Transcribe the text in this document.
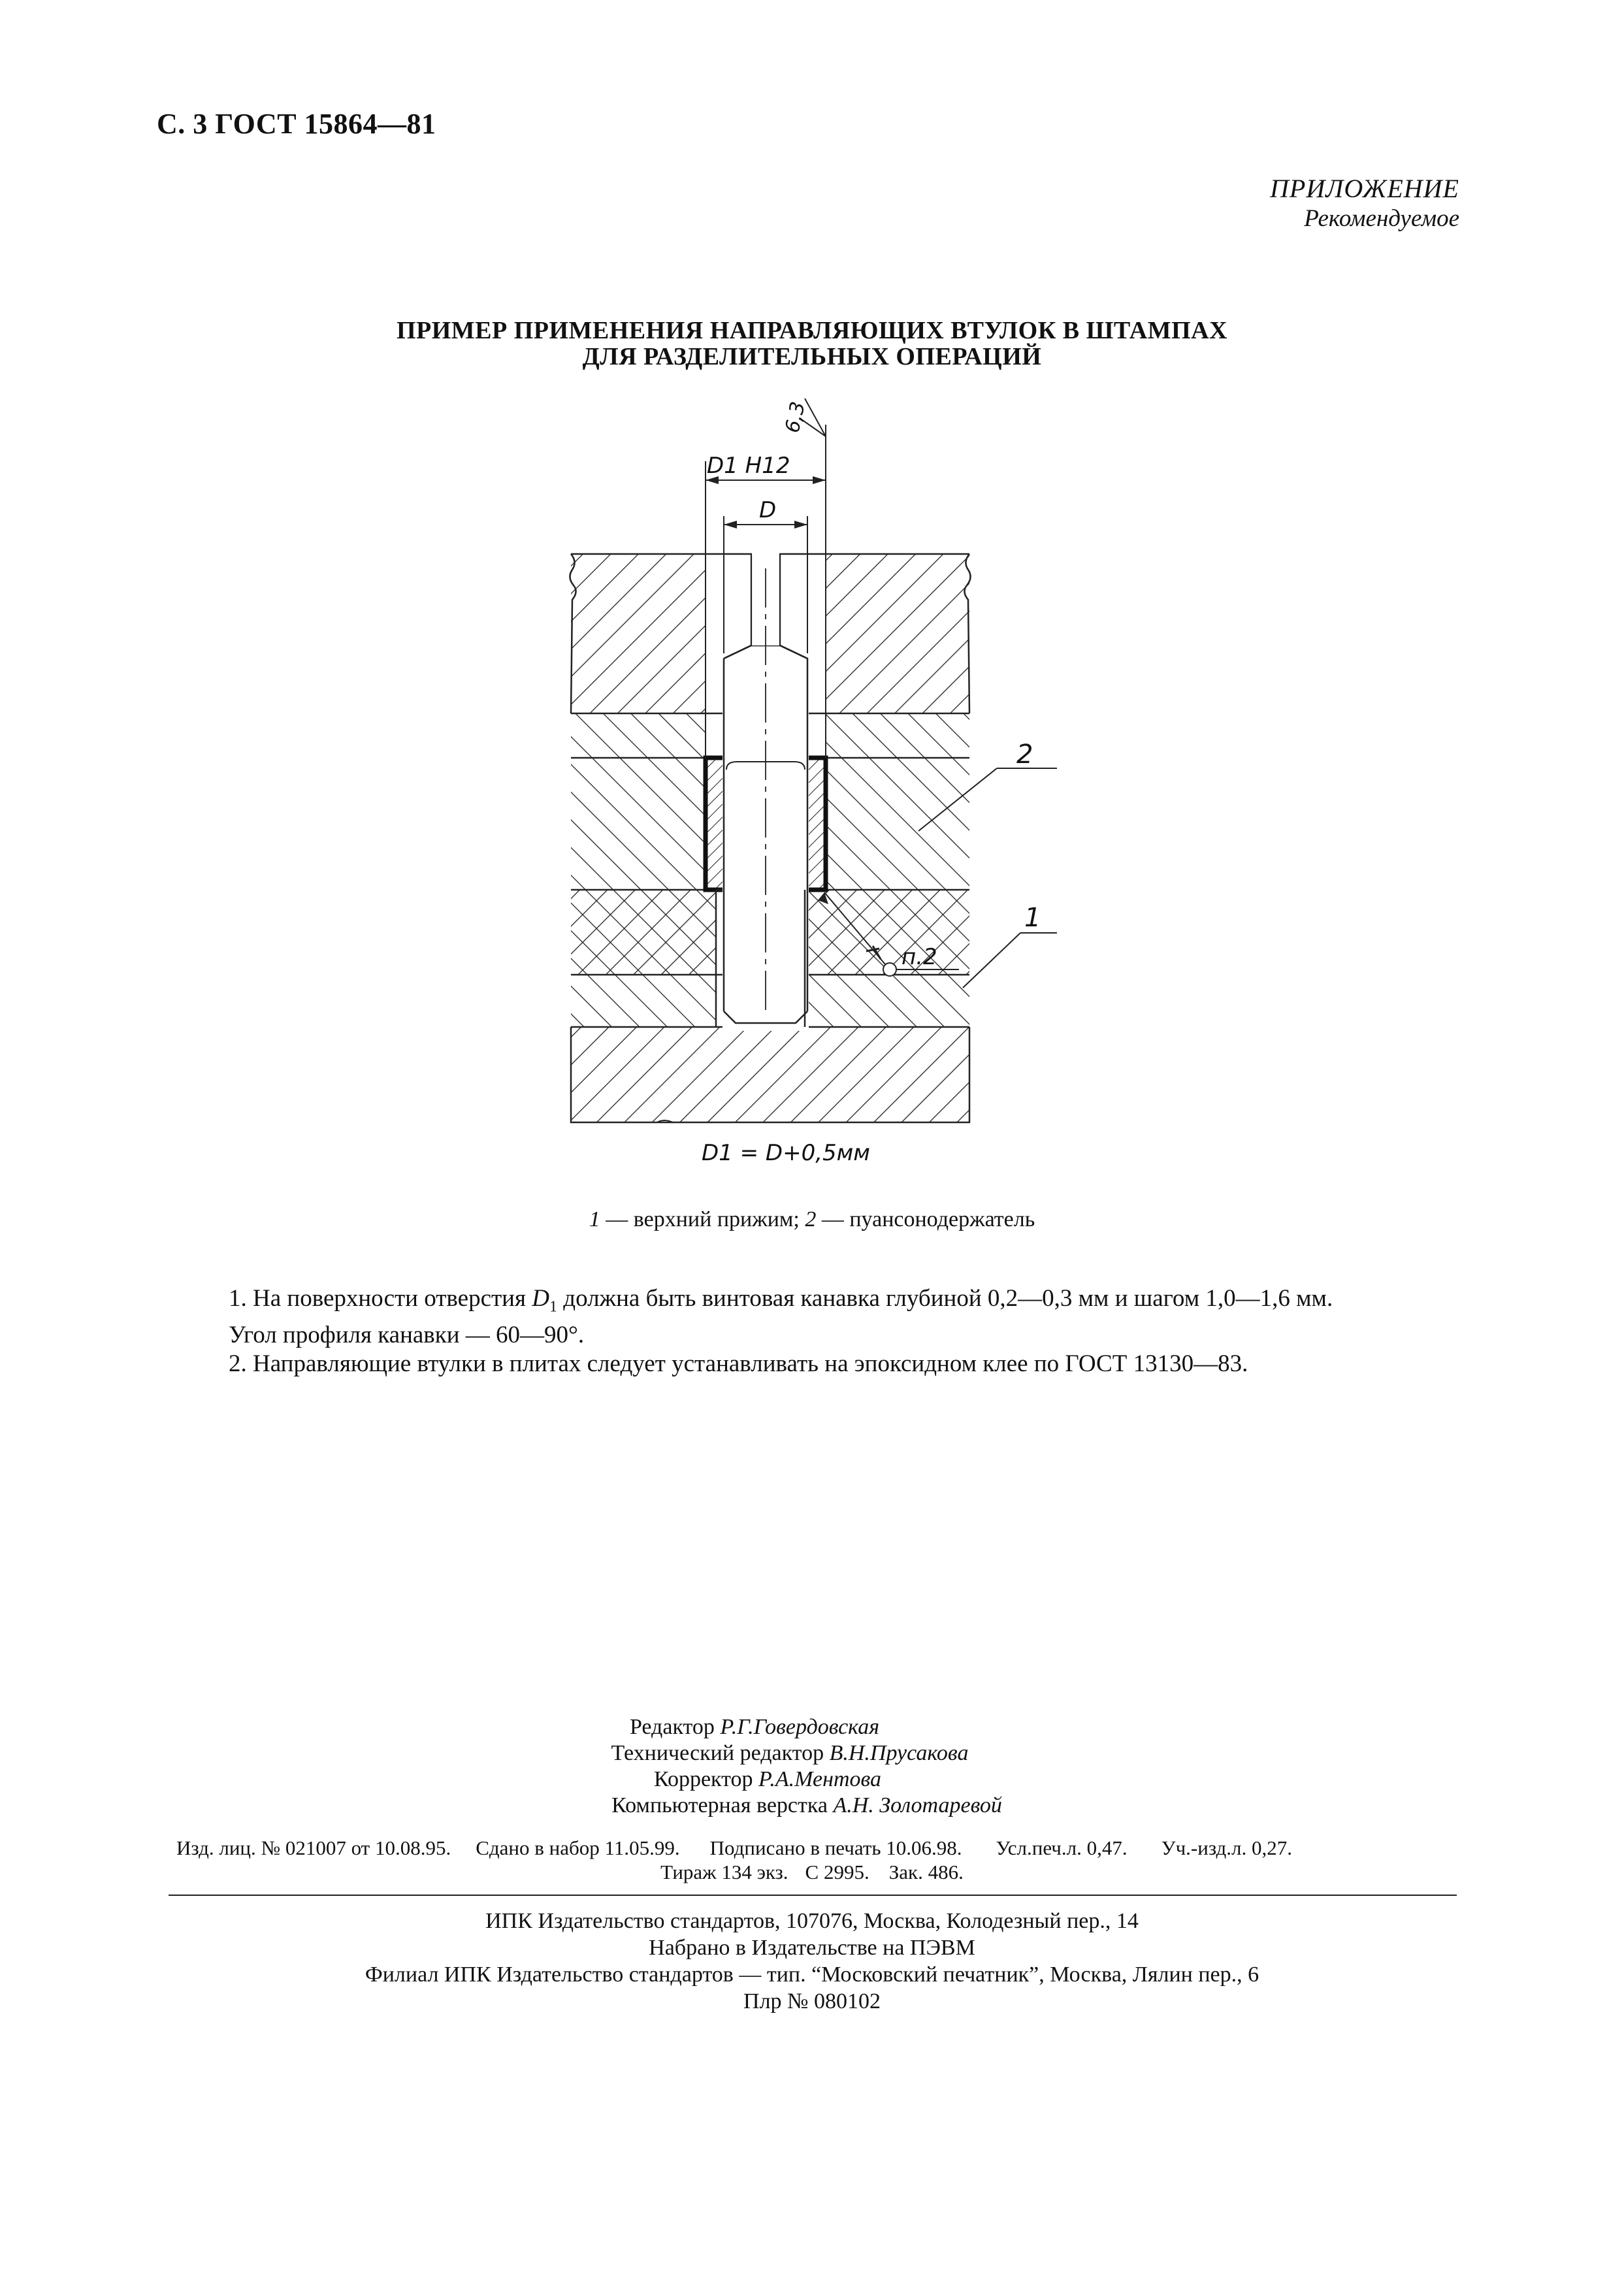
С. 3 ГОСТ 15864—81
ПРИЛОЖЕНИЕ
Рекомендуемое
ПРИМЕР ПРИМЕНЕНИЯ НАПРАВЛЯЮЩИХ ВТУЛОК В ШТАМПАХ
ДЛЯ РАЗДЕЛИТЕЛЬНЫХ ОПЕРАЦИЙ
6,3
D1 H12
D
2
1
п.2
D1 = D+0,5мм
1 — верхний прижим; 2 — пуансонодержатель
1. На поверхности отверстия $D_1$ должна быть винтовая канавка глубиной 0,2—0,3 мм и шагом 1,0—1,6 мм.
Угол профиля канавки — 60—90°.
2. Направляющие втулки в плитах следует устанавливать на эпоксидном клее по ГОСТ 13130—83.
Редактор Р.Г.Говердовская
Технический редактор В.Н.Прусакова
Корректор Р.А.Ментова
Компьютерная верстка А.Н. Золотаревой
Изд. лиц. № 021007 от 10.08.95. Сдано в набор 11.05.99. Подписано в печать 10.06.98. Усл.печ.л. 0,47. Уч.-изд.л. 0,27.
Тираж 134 экз. С 2995. Зак. 486.
ИПК Издательство стандартов, 107076, Москва, Колодезный пер., 14
Набрано в Издательстве на ПЭВМ
Филиал ИПК Издательство стандартов — тип. “Московский печатник”, Москва, Лялин пер., 6
Плр № 080102
